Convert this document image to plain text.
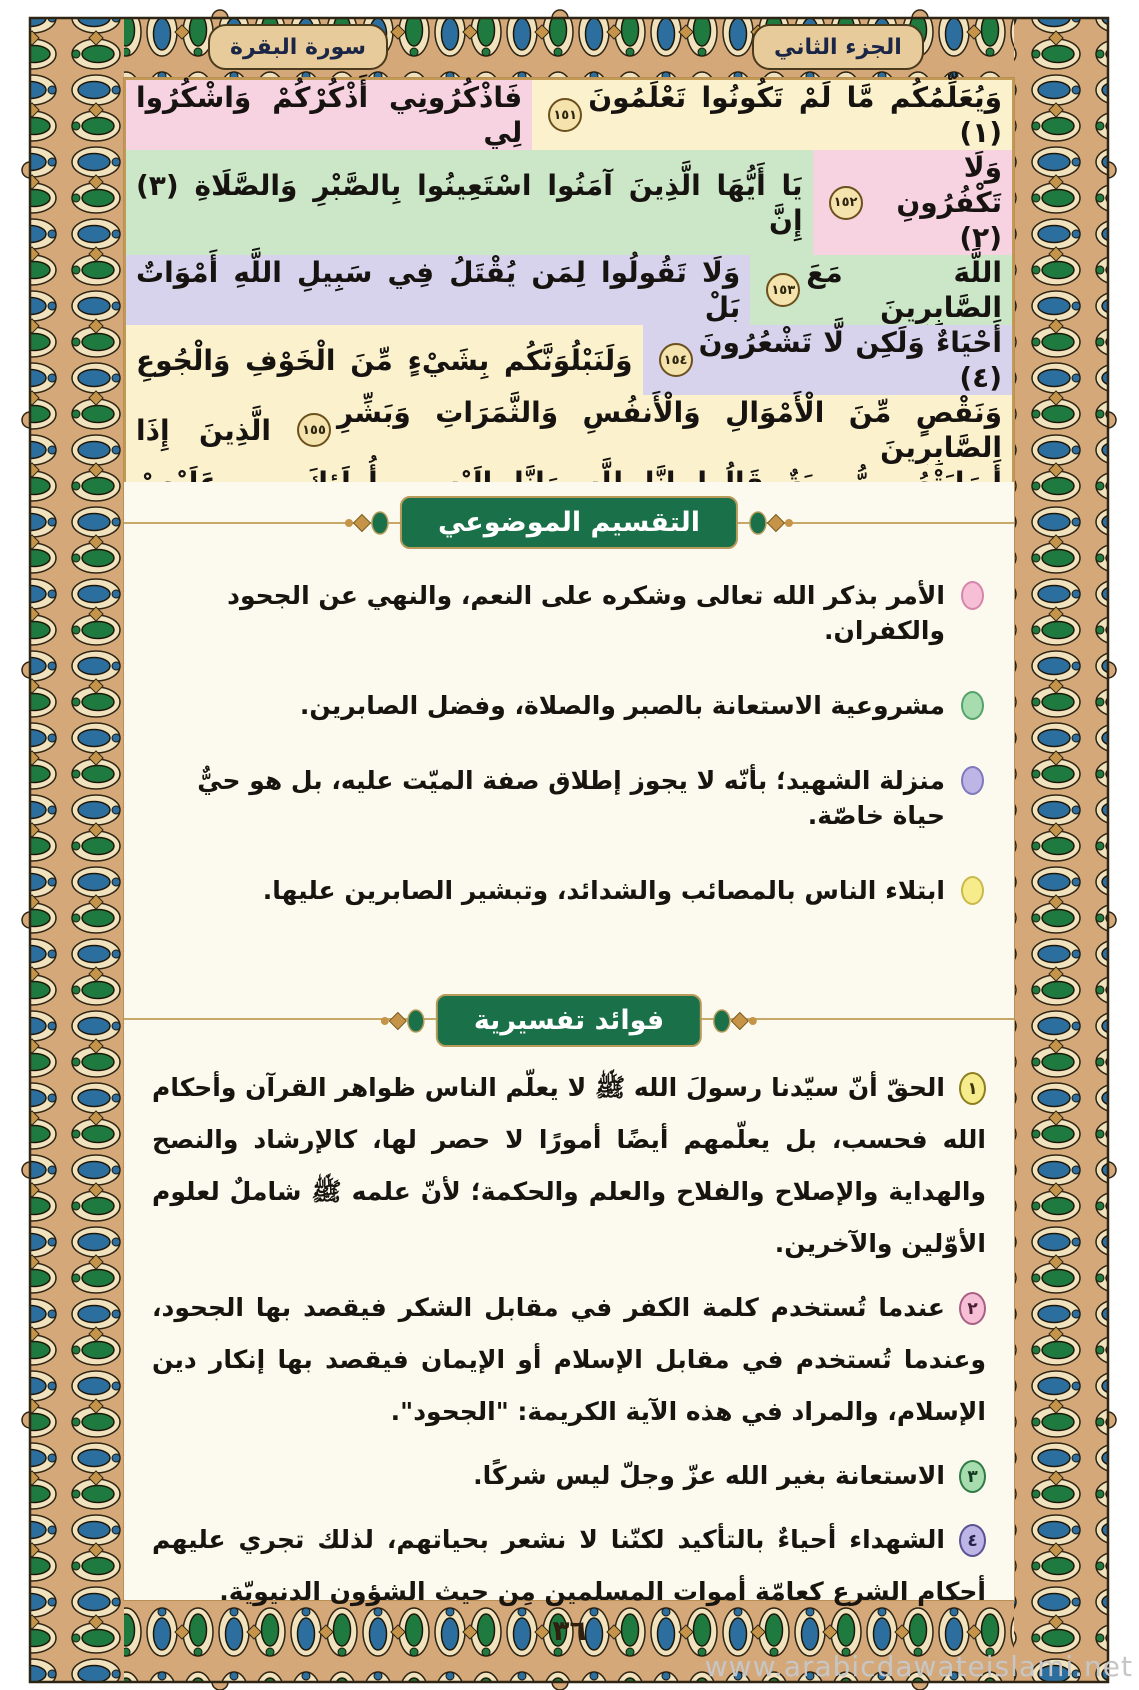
سورة البقرة	الجزء الثاني
وَيُعَلِّمُكُم مَّا لَمْ تَكُونُوا تَعْلَمُونَ (١)
١٥١
فَاذْكُرُونِي أَذْكُرْكُمْ وَاشْكُرُوا لِي
وَلَا تَكْفُرُونِ (٢)
١٥٢
يَا أَيُّهَا الَّذِينَ آمَنُوا اسْتَعِينُوا بِالصَّبْرِ وَالصَّلَاةِ (٣) إِنَّ
اللَّهَ مَعَ الصَّابِرِينَ
١٥٣
وَلَا تَقُولُوا لِمَن يُقْتَلُ فِي سَبِيلِ اللَّهِ أَمْوَاتٌ بَلْ
أَحْيَاءٌ وَلَكِن لَّا تَشْعُرُونَ (٤)
١٥٤
وَلَنَبْلُوَنَّكُم بِشَيْءٍ مِّنَ الْخَوْفِ وَالْجُوعِ
وَنَقْصٍ مِّنَ الْأَمْوَالِ وَالْأَنفُسِ وَالثَّمَرَاتِ وَبَشِّرِ الصَّابِرِينَ
١٥٥
الَّذِينَ إِذَا
التقسيم الموضوعي
الأمر بذكر الله تعالى وشكره على النعم، والنهي عن الجحود والكفران.
مشروعية الاستعانة بالصبر والصلاة، وفضل الصابرين.
منزلة الشهيد؛ بأنّه لا يجوز إطلاق صفة الميّت عليه، بل هو حيٌّ حياة خاصّة.
ابتلاء الناس بالمصائب والشدائد، وتبشير الصابرين عليها.
فوائد تفسيرية
١
الحقّ أنّ سيّدنا رسولَ الله ﷺ لا يعلّم الناس ظواهر القرآن وأحكام الله فحسب، بل يعلّمهم أيضًا أمورًا لا حصر لها، كالإرشاد والنصح والهداية والإصلاح والفلاح والعلم والحكمة؛ لأنّ علمه ﷺ شاملٌ لعلوم الأوّلين والآخرين.
٢
عندما تُستخدم كلمة الكفر في مقابل الشكر فيقصد بها الجحود، وعندما تُستخدم في مقابل الإسلام أو الإيمان فيقصد بها إنكار دين الإسلام، والمراد في هذه الآية الكريمة: "الجحود".
٣
الاستعانة بغير الله عزّ وجلّ ليس شركًا.
٤
الشهداء أحياءٌ بالتأكيد لكنّنا لا نشعر بحياتهم، لذلك تجري عليهم أحكام الشرع كعامّة أموات المسلمين مِن حيث الشؤون الدنيويّة.
٣٦
www.arabicdawateislami.net
